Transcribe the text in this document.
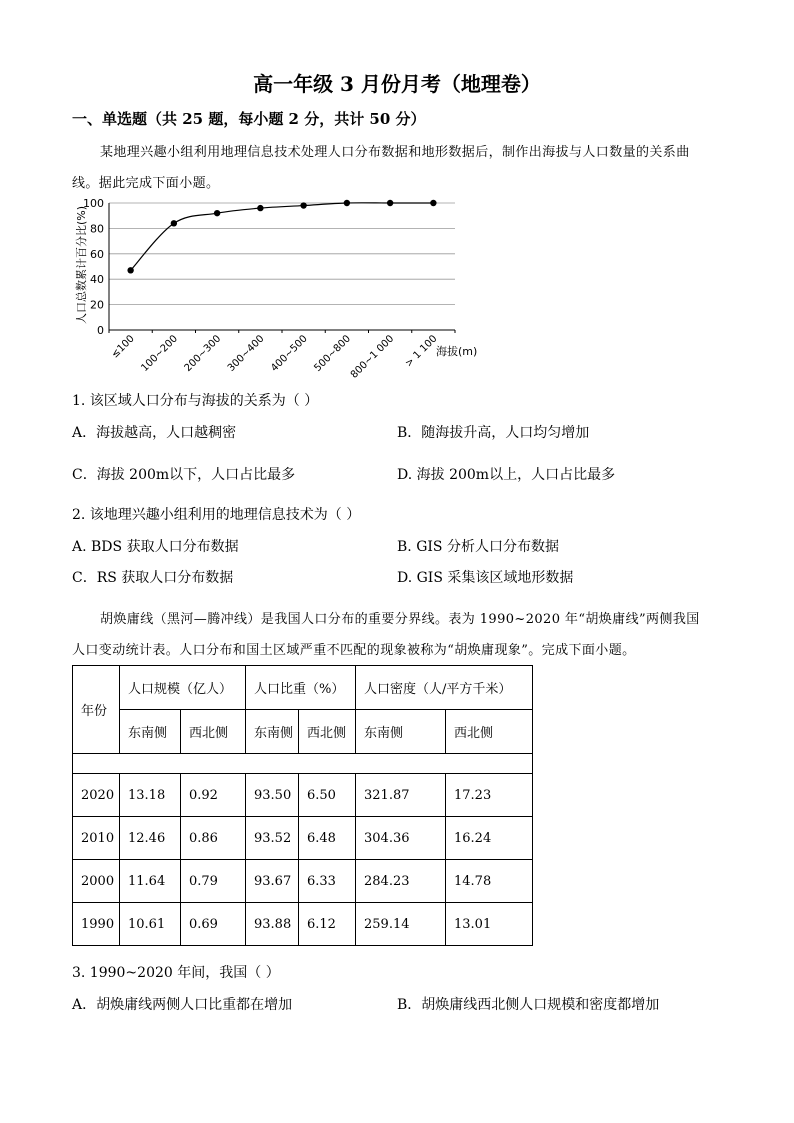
高一年级 3 月份月考（地理卷）
一、单选题（共 25 题，每小题 2 分，共计 50 分）
某地理兴趣小组利用地理信息技术处理人口分布数据和地形数据后，制作出海拔与人口数量的关系曲
线。据此完成下面小题。
0
20
40
60
80
100
≤100 100~200 200~300 300~400 400~500 500~800
800~1 000 > 1 100
人口总数累计百分比(%)
海拔(m)
1. 该区域人口分布与海拔的关系为（ ）
A．海拔越高，人口越稠密	B．随海拔升高，人口均匀增加
C．海拔 200m以下，人口占比最多	D. 海拔 200m以上，人口占比最多
2. 该地理兴趣小组利用的地理信息技术为（ ）
A. BDS 获取人口分布数据	B. GIS 分析人口分布数据
C．RS 获取人口分布数据	D. GIS 采集该区域地形数据
胡焕庸线（黑河—腾冲线）是我国人口分布的重要分界线。表为 1990~2020 年“胡焕庸线”两侧我国
人口变动统计表。人口分布和国土区域严重不匹配的现象被称为“胡焕庸现象”。完成下面小题。
年份	人口规模（亿人）		人口比重（%）		人口密度（人/平方千米）	
	东南侧	西北侧	东南侧	西北侧	东南侧	西北侧

2020	13.18	0.92	93.50	6.50	321.87	17.23
2010	12.46	0.86	93.52	6.48	304.36	16.24
2000	11.64	0.79	93.67	6.33	284.23	14.78
1990	10.61	0.69	93.88	6.12	259.14	13.01
3. 1990~2020 年间，我国（ ）
A．胡焕庸线两侧人口比重都在增加	B．胡焕庸线西北侧人口规模和密度都增加
